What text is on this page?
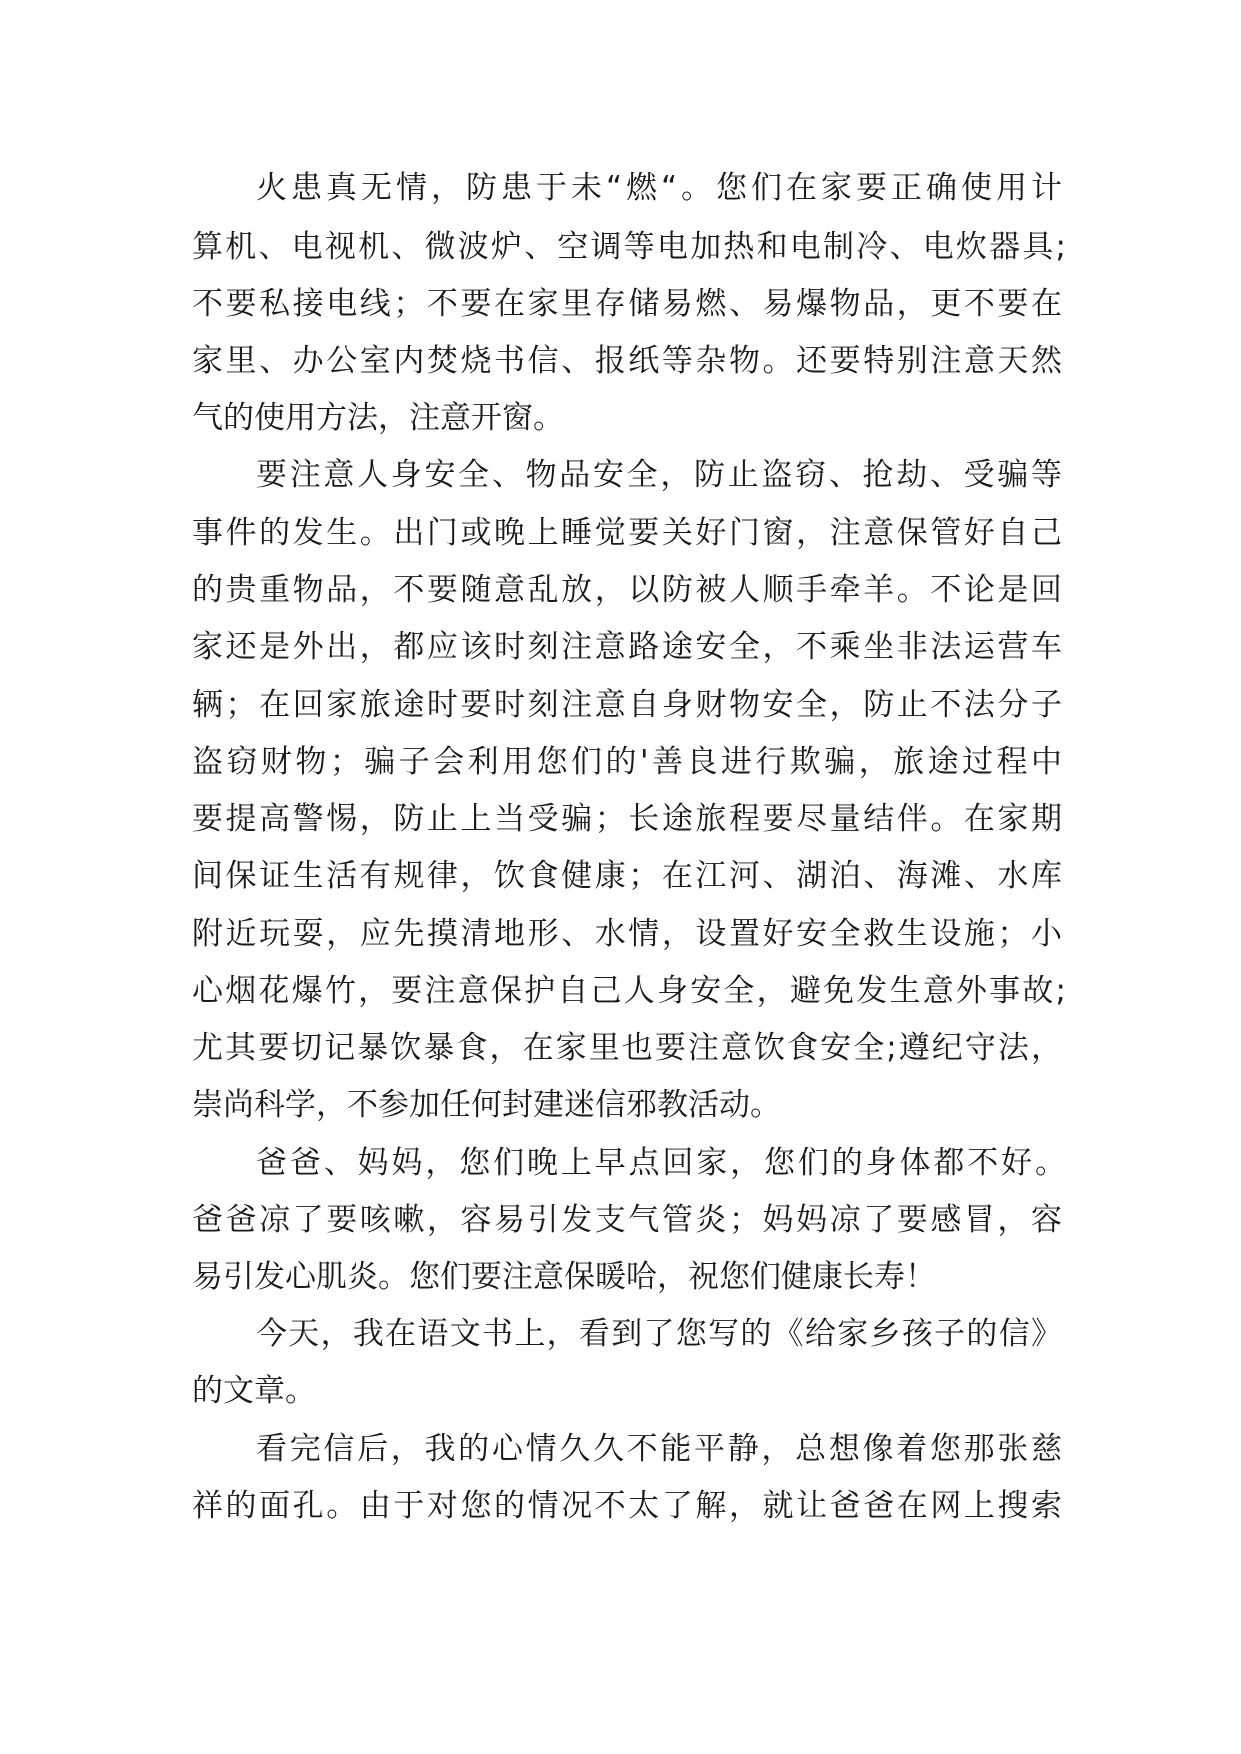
火患真无情，防患于未“燃“。您们在家要正确使用计
算机、电视机、微波炉、空调等电加热和电制冷、电炊器具;
不要私接电线；不要在家里存储易燃、易爆物品，更不要在
家里、办公室内焚烧书信、报纸等杂物。还要特别注意天然
气的使用方法，注意开窗。
要注意人身安全、物品安全，防止盗窃、抢劫、受骗等
事件的发生。出门或晚上睡觉要关好门窗，注意保管好自己
的贵重物品，不要随意乱放，以防被人顺手牵羊。不论是回
家还是外出，都应该时刻注意路途安全，不乘坐非法运营车
辆；在回家旅途时要时刻注意自身财物安全，防止不法分子
盗窃财物；骗子会利用您们的'善良进行欺骗，旅途过程中
要提高警惕，防止上当受骗；长途旅程要尽量结伴。在家期
间保证生活有规律，饮食健康；在江河、湖泊、海滩、水库
附近玩耍，应先摸清地形、水情，设置好安全救生设施；小
心烟花爆竹，要注意保护自己人身安全，避免发生意外事故;
尤其要切记暴饮暴食，在家里也要注意饮食安全;遵纪守法，
崇尚科学，不参加任何封建迷信邪教活动。
爸爸、妈妈，您们晚上早点回家，您们的身体都不好。
爸爸凉了要咳嗽，容易引发支气管炎；妈妈凉了要感冒，容
易引发心肌炎。您们要注意保暖哈，祝您们健康长寿！
今天，我在语文书上，看到了您写的《给家乡孩子的信》
的文章。
看完信后，我的心情久久不能平静，总想像着您那张慈
祥的面孔。由于对您的情况不太了解，就让爸爸在网上搜索
